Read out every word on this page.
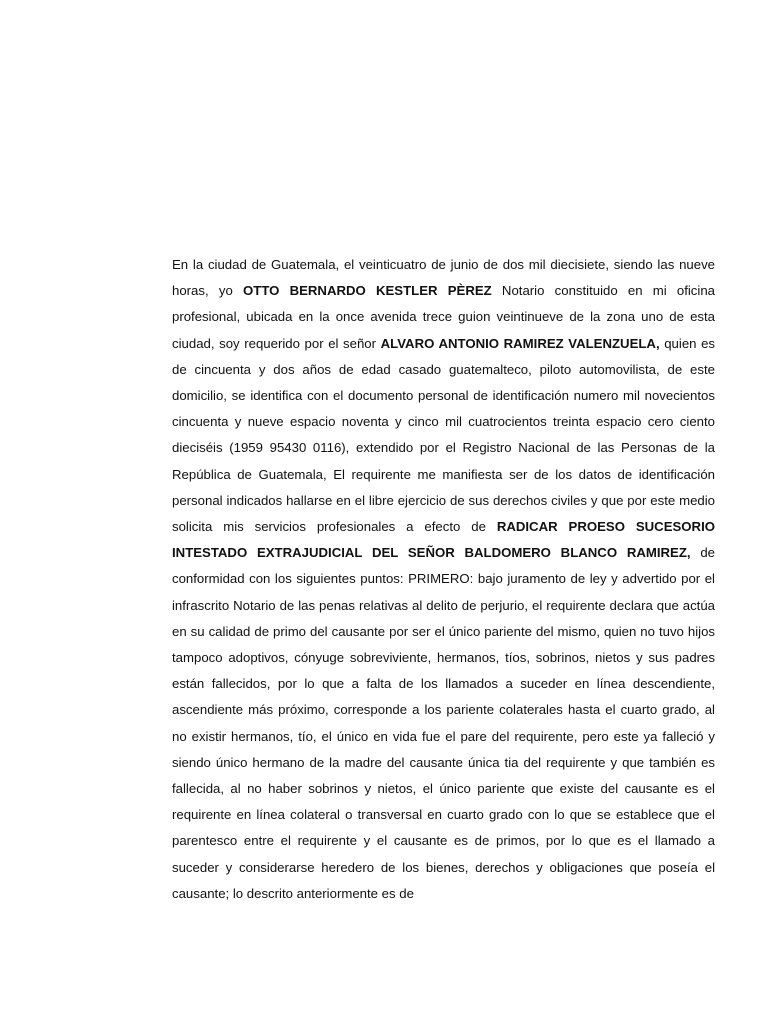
En la ciudad de Guatemala, el veinticuatro de junio de dos mil diecisiete, siendo las nueve horas, yo OTTO BERNARDO KESTLER PÈREZ Notario constituido en mi oficina profesional, ubicada en la once avenida trece guion veintinueve de la zona uno de esta ciudad, soy requerido por el señor ALVARO ANTONIO RAMIREZ VALENZUELA, quien es de cincuenta y dos años de edad casado guatemalteco, piloto automovilista, de este domicilio, se identifica con el documento personal de identificación numero mil novecientos cincuenta y nueve espacio noventa y cinco mil cuatrocientos treinta espacio cero ciento dieciséis (1959 95430 0116), extendido por el Registro Nacional de las Personas de la República de Guatemala, El requirente me manifiesta ser de los datos de identificación personal indicados hallarse en el libre ejercicio de sus derechos civiles y que por este medio solicita mis servicios profesionales a efecto de RADICAR PROESO SUCESORIO INTESTADO EXTRAJUDICIAL DEL SEÑOR BALDOMERO BLANCO RAMIREZ, de conformidad con los siguientes puntos: PRIMERO: bajo juramento de ley y advertido por el infrascrito Notario de las penas relativas al delito de perjurio, el requirente declara que actúa en su calidad de primo del causante por ser el único pariente del mismo, quien no tuvo hijos tampoco adoptivos, cónyuge sobreviviente, hermanos, tíos, sobrinos, nietos y sus padres están fallecidos, por lo que a falta de los llamados a suceder en línea descendiente, ascendiente más próximo, corresponde a los pariente colaterales hasta el cuarto grado, al no existir hermanos, tío, el único en vida fue el pare del requirente, pero este ya falleció y siendo único hermano de la madre del causante única tia del requirente y que también es fallecida, al no haber sobrinos y nietos, el único pariente que existe del causante es el requirente en línea colateral o transversal en cuarto grado con lo que se establece que el parentesco entre el requirente y el causante es de primos, por lo que es el llamado a suceder y considerarse heredero de los bienes, derechos y obligaciones que poseía el causante; lo descrito anteriormente es de
